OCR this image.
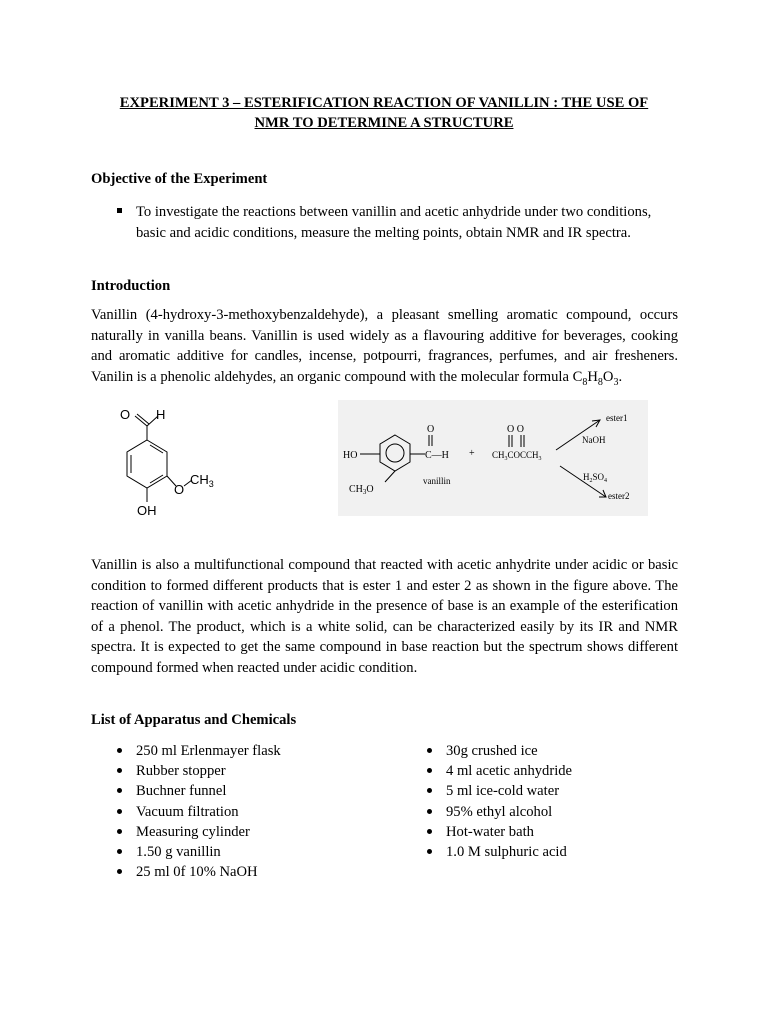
EXPERIMENT 3 – ESTERIFICATION REACTION OF VANILLIN : THE USE OF
NMR TO DETERMINE A STRUCTURE
Objective of the Experiment
To investigate the reactions between vanillin and acetic anhydride under two conditions, basic and acidic conditions, measure the melting points, obtain NMR and IR spectra.
Introduction
Vanillin (4-hydroxy-3-methoxybenzaldehyde), a pleasant smelling aromatic compound, occurs naturally in vanilla beans. Vanillin is used widely as a flavouring additive for beverages, cooking and aromatic additive for candles, incense, potpourri, fragrances, perfumes, and air fresheners. Vanilin is a phenolic aldehydes, an organic compound with the molecular formula $C_8H_8O_3$.
O H
O
$CH_3$
OH
HO
O
C—H
$CH_3O$
vanillin
+
O O
$CH_3COCCH_3$
ester1
NaOH
$H_2SO_4$
ester2
Vanillin is also a multifunctional compound that reacted with acetic anhydrite under acidic or basic condition to formed different products that is ester 1 and ester 2 as shown in the figure above. The reaction of vanillin with acetic anhydride in the presence of base is an example of the esterification of a phenol. The product, which is a white solid, can be characterized easily by its IR and NMR spectra. It is expected to get the same compound in base reaction but the spectrum shows different compound formed when reacted under acidic condition.
List of Apparatus and Chemicals
250 ml Erlenmayer flask
Rubber stopper
Buchner funnel
Vacuum filtration
Measuring cylinder
1.50 g vanillin
25 ml 0f 10% NaOH
30g crushed ice
4 ml acetic anhydride
5 ml ice-cold water
95% ethyl alcohol
Hot-water bath
1.0 M sulphuric acid
